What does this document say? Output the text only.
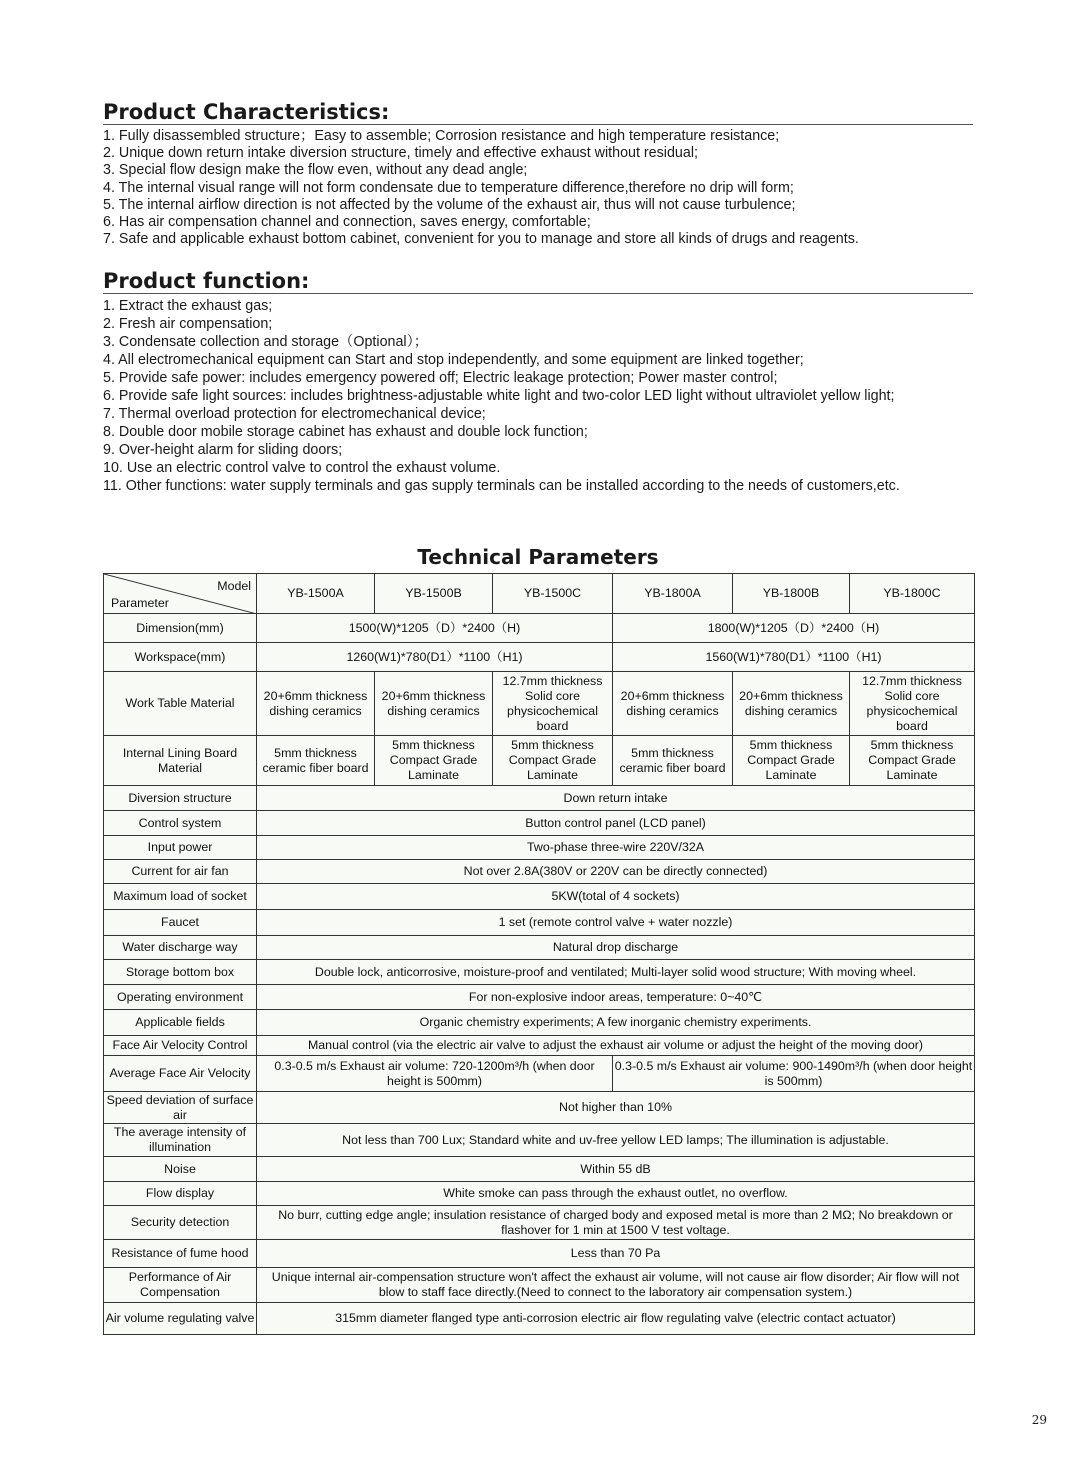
Product Characteristics:
1. Fully disassembled structure；Easy to assemble; Corrosion resistance and high temperature resistance;
2. Unique down return intake diversion structure, timely and effective exhaust without residual;
3. Special flow design make the flow even, without any dead angle;
4. The internal visual range will not form condensate due to temperature difference,therefore no drip will form;
5. The internal airflow direction is not affected by the volume of the exhaust air, thus will not cause turbulence;
6. Has air compensation channel and connection, saves energy, comfortable;
7. Safe and applicable exhaust bottom cabinet, convenient for you to manage and store all kinds of drugs and reagents.
Product function:
1. Extract the exhaust gas;
2. Fresh air compensation;
3. Condensate collection and storage（Optional）；
4. All electromechanical equipment can Start and stop independently, and some equipment are linked together;
5. Provide safe power: includes emergency powered off; Electric leakage protection; Power master control;
6. Provide safe light sources: includes brightness-adjustable white light and two-color LED light without ultraviolet yellow light;
7. Thermal overload protection for electromechanical device;
8. Double door mobile storage cabinet has exhaust and double lock function;
9. Over-height alarm for sliding doors;
10. Use an electric control valve to control the exhaust volume.
11. Other functions: water supply terminals and gas supply terminals can be installed according to the needs of customers,etc.
Technical Parameters
Model
Parameter	YB-1500A	YB-1500B	YB-1500C	YB-1800A	YB-1800B	YB-1800C
Dimension(mm)	1500(W)*1205（D）*2400（H)			1800(W)*1205（D）*2400（H)		
Workspace(mm)	1260(W1)*780(D1）*1100（H1)			1560(W1)*780(D1）*1100（H1)		
Work Table Material	20+6mm thickness dishing ceramics	20+6mm thickness dishing ceramics	12.7mm thickness Solid core physicochemical board	20+6mm thickness dishing ceramics	20+6mm thickness dishing ceramics	12.7mm thickness Solid core physicochemical board
Internal Lining Board Material	5mm thickness ceramic fiber board	5mm thickness Compact Grade Laminate	5mm thickness Compact Grade Laminate	5mm thickness ceramic fiber board	5mm thickness Compact Grade Laminate	5mm thickness Compact Grade Laminate
Diversion structure	Down return intake					
Control system	Button control panel (LCD panel)					
Input power	Two-phase three-wire 220V/32A					
Current for air fan	Not over 2.8A(380V or 220V can be directly connected)					
Maximum load of socket	5KW(total of 4 sockets)					
Faucet	1 set (remote control valve + water nozzle)					
Water discharge way	Natural drop discharge					
Storage bottom box	Double lock, anticorrosive, moisture-proof and ventilated; Multi-layer solid wood structure; With moving wheel.					
Operating environment	For non-explosive indoor areas, temperature: 0~40℃					
Applicable fields	Organic chemistry experiments; A few inorganic chemistry experiments.					
Face Air Velocity Control	Manual control (via the electric air valve to adjust the exhaust air volume or adjust the height of the moving door)					
Average Face Air Velocity	0.3-0.5 m/s Exhaust air volume: 720-1200m³/h (when door height is 500mm)			0.3-0.5 m/s Exhaust air volume: 900-1490m³/h (when door height is 500mm)		
Speed deviation of surface air	Not higher than 10%					
The average intensity of illumination	Not less than 700 Lux; Standard white and uv-free yellow LED lamps; The illumination is adjustable.					
Noise	Within 55 dB					
Flow display	White smoke can pass through the exhaust outlet, no overflow.					
Security detection	No burr, cutting edge angle; insulation resistance of charged body and exposed metal is more than 2 MΩ; No breakdown or flashover for 1 min at 1500 V test voltage.					
Resistance of fume hood	Less than 70 Pa					
Performance of Air Compensation	Unique internal air-compensation structure won't affect the exhaust air volume, will not cause air flow disorder; Air flow will not blow to staff face directly.(Need to connect to the laboratory air compensation system.)					
Air volume regulating valve	315mm diameter flanged type anti-corrosion electric air flow regulating valve (electric contact actuator)					
29
